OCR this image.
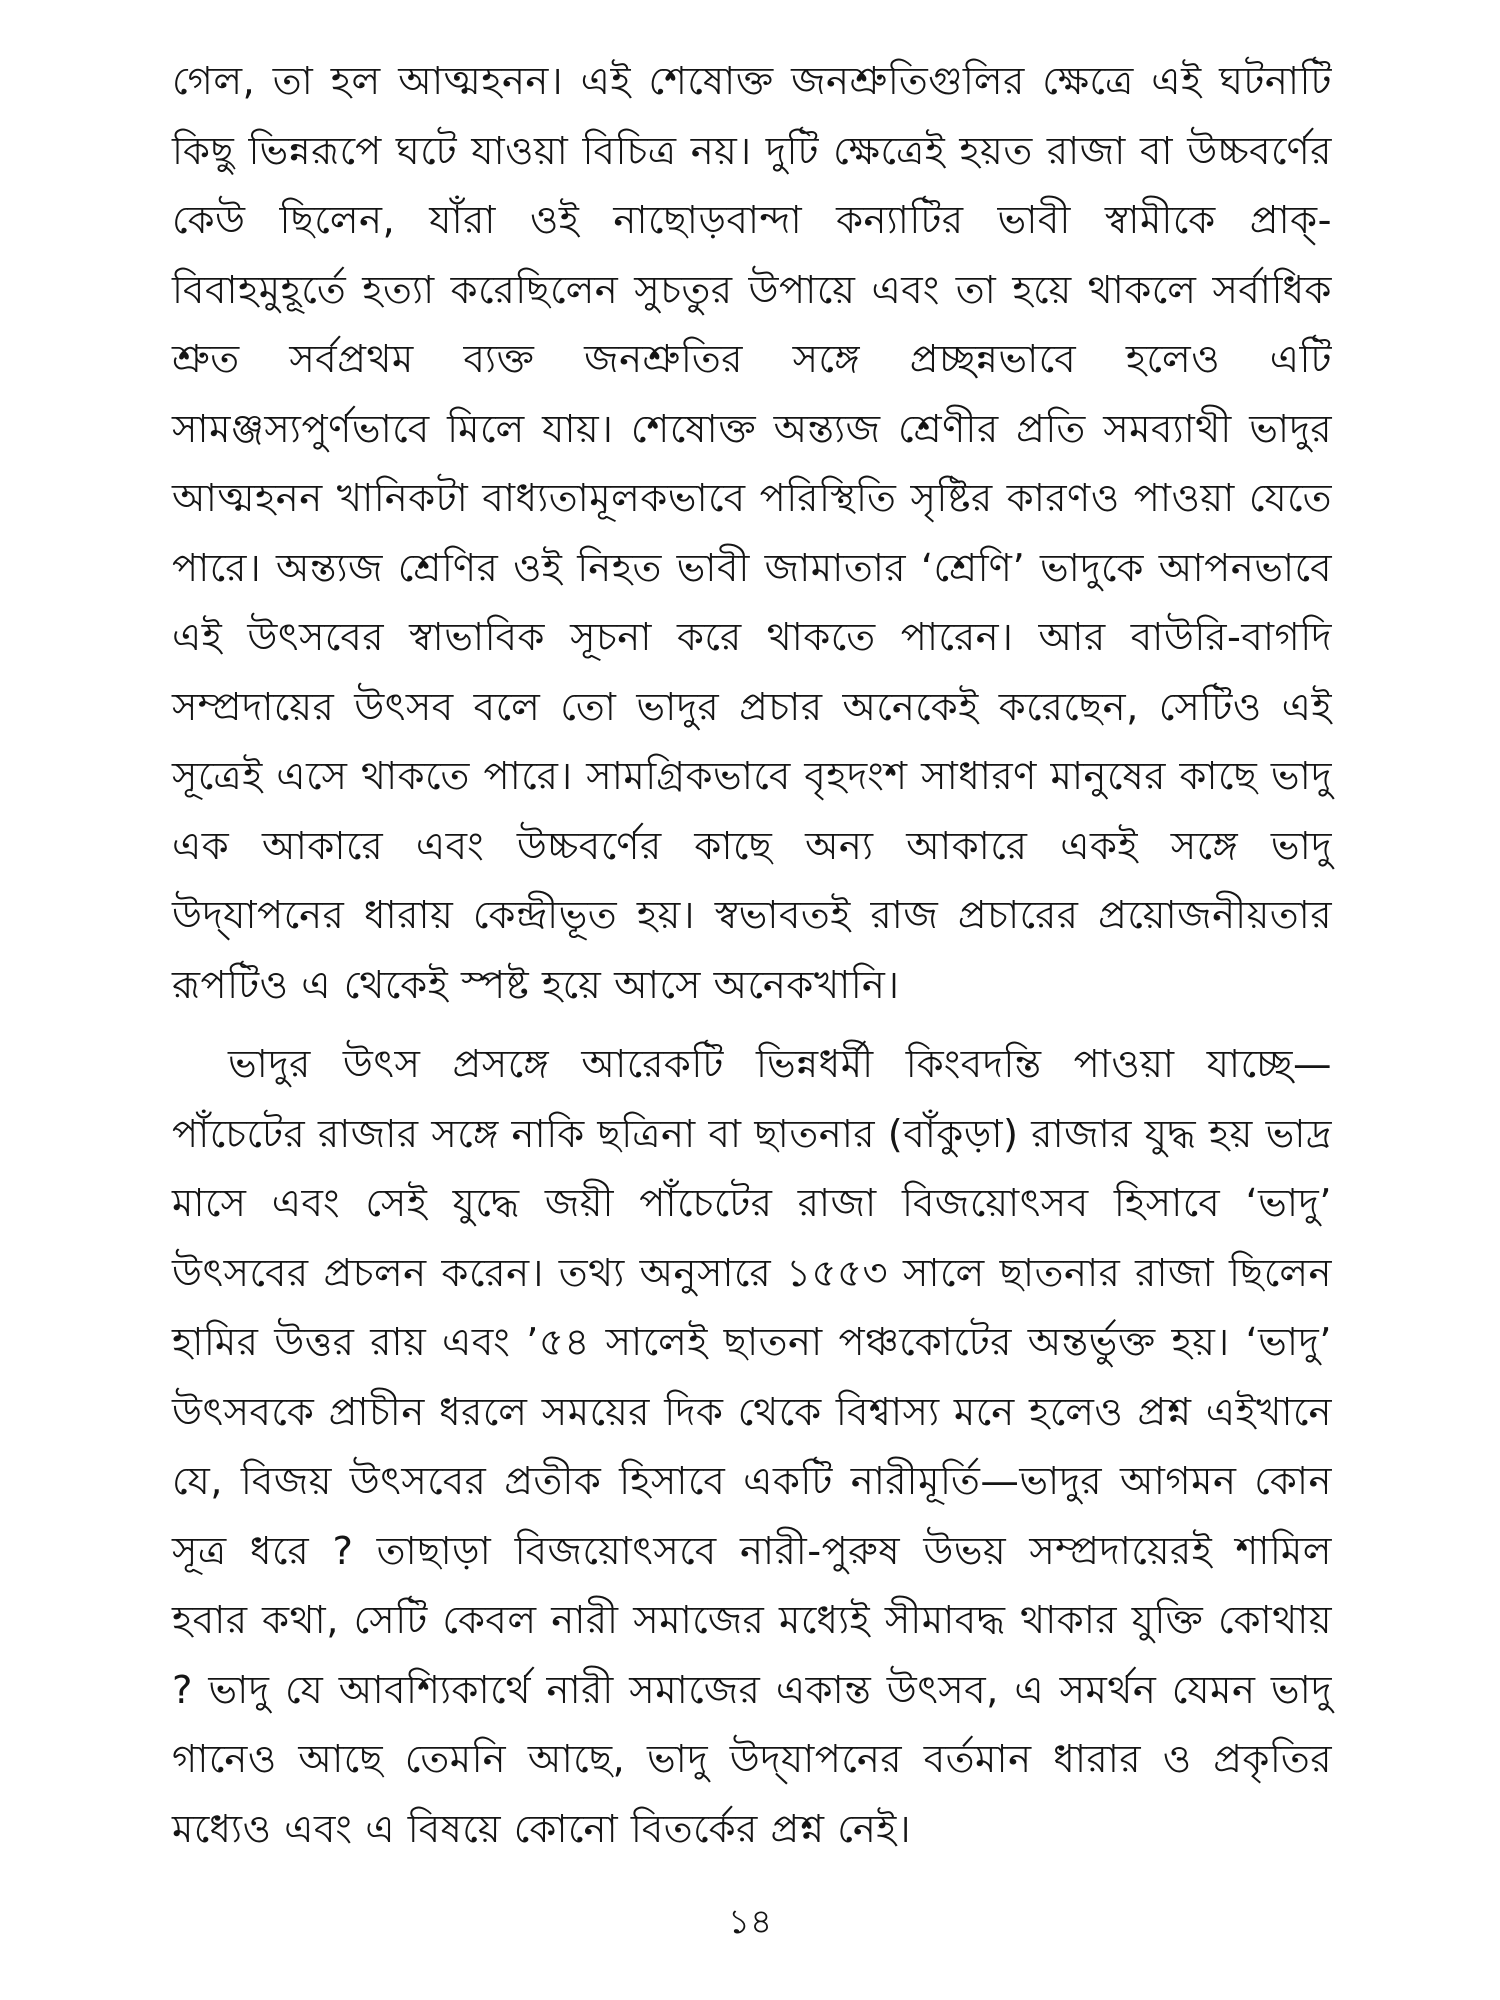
গেল, তা হল আত্মহনন। এই শেষোক্ত জনশ্রুতিগুলির ক্ষেত্রে এই ঘটনাটি কিছু ভিন্নরূপে ঘটে যাওয়া বিচিত্র নয়। দুটি ক্ষেত্রেই হয়ত রাজা বা উচ্চবর্ণের কেউ ছিলেন, যাঁরা ওই নাছোড়বান্দা কন্যাটির ভাবী স্বামীকে প্রাক্-বিবাহমুহূর্তে হত্যা করেছিলেন সুচতুর উপায়ে এবং তা হয়ে থাকলে সর্বাধিক শ্রুত সর্বপ্রথম ব্যক্ত জনশ্রুতির সঙ্গে প্রচ্ছন্নভাবে হলেও এটি সামঞ্জস্যপুর্ণভাবে মিলে যায়। শেষোক্ত অন্ত্যজ শ্রেণীর প্রতি সমব্যাথী ভাদুর আত্মহনন খানিকটা বাধ্যতামূলকভাবে পরিস্থিতি সৃষ্টির কারণও পাওয়া যেতে পারে। অন্ত্যজ শ্রেণির ওই নিহত ভাবী জামাতার ‘শ্রেণি’ ভাদুকে আপনভাবে এই উৎসবের স্বাভাবিক সূচনা করে থাকতে পারেন। আর বাউরি-বাগদি সম্প্রদায়ের উৎসব বলে তো ভাদুর প্রচার অনেকেই করেছেন, সেটিও এই সূত্রেই এসে থাকতে পারে। সামগ্রিকভাবে বৃহদংশ সাধারণ মানুষের কাছে ভাদু এক আকারে এবং উচ্চবর্ণের কাছে অন্য আকারে একই সঙ্গে ভাদু উদ্‌যাপনের ধারায় কেন্দ্রীভূত হয়। স্বভাবতই রাজ প্রচারের প্রয়োজনীয়তার রূপটিও এ থেকেই স্পষ্ট হয়ে আসে অনেকখানি।

ভাদুর উৎস প্রসঙ্গে আরেকটি ভিন্নধর্মী কিংবদন্তি পাওয়া যাচ্ছে— পাঁচেটের রাজার সঙ্গে নাকি ছত্রিনা বা ছাতনার (বাঁকুড়া) রাজার যুদ্ধ হয় ভাদ্র মাসে এবং সেই যুদ্ধে জয়ী পাঁচেটের রাজা বিজয়োৎসব হিসাবে ‘ভাদু’ উৎসবের প্রচলন করেন। তথ্য অনুসারে ১৫৫৩ সালে ছাতনার রাজা ছিলেন হামির উত্তর রায় এবং ’৫৪ সালেই ছাতনা পঞ্চকোটের অন্তর্ভুক্ত হয়। ‘ভাদু’ উৎসবকে প্রাচীন ধরলে সময়ের দিক থেকে বিশ্বাস্য মনে হলেও প্রশ্ন এইখানে যে, বিজয় উৎসবের প্রতীক হিসাবে একটি নারীমূর্তি—ভাদুর আগমন কোন সূত্র ধরে ? তাছাড়া বিজয়োৎসবে নারী-পুরুষ উভয় সম্প্রদায়েরই শামিল হবার কথা, সেটি কেবল নারী সমাজের মধ্যেই সীমাবদ্ধ থাকার যুক্তি কোথায় ? ভাদু যে আবশ্যিকার্থে নারী সমাজের একান্ত উৎসব, এ সমর্থন যেমন ভাদু গানেও আছে তেমনি আছে, ভাদু উদ্‌যাপনের বর্তমান ধারার ও প্রকৃতির মধ্যেও এবং এ বিষয়ে কোনো বিতর্কের প্রশ্ন নেই।

১৪
